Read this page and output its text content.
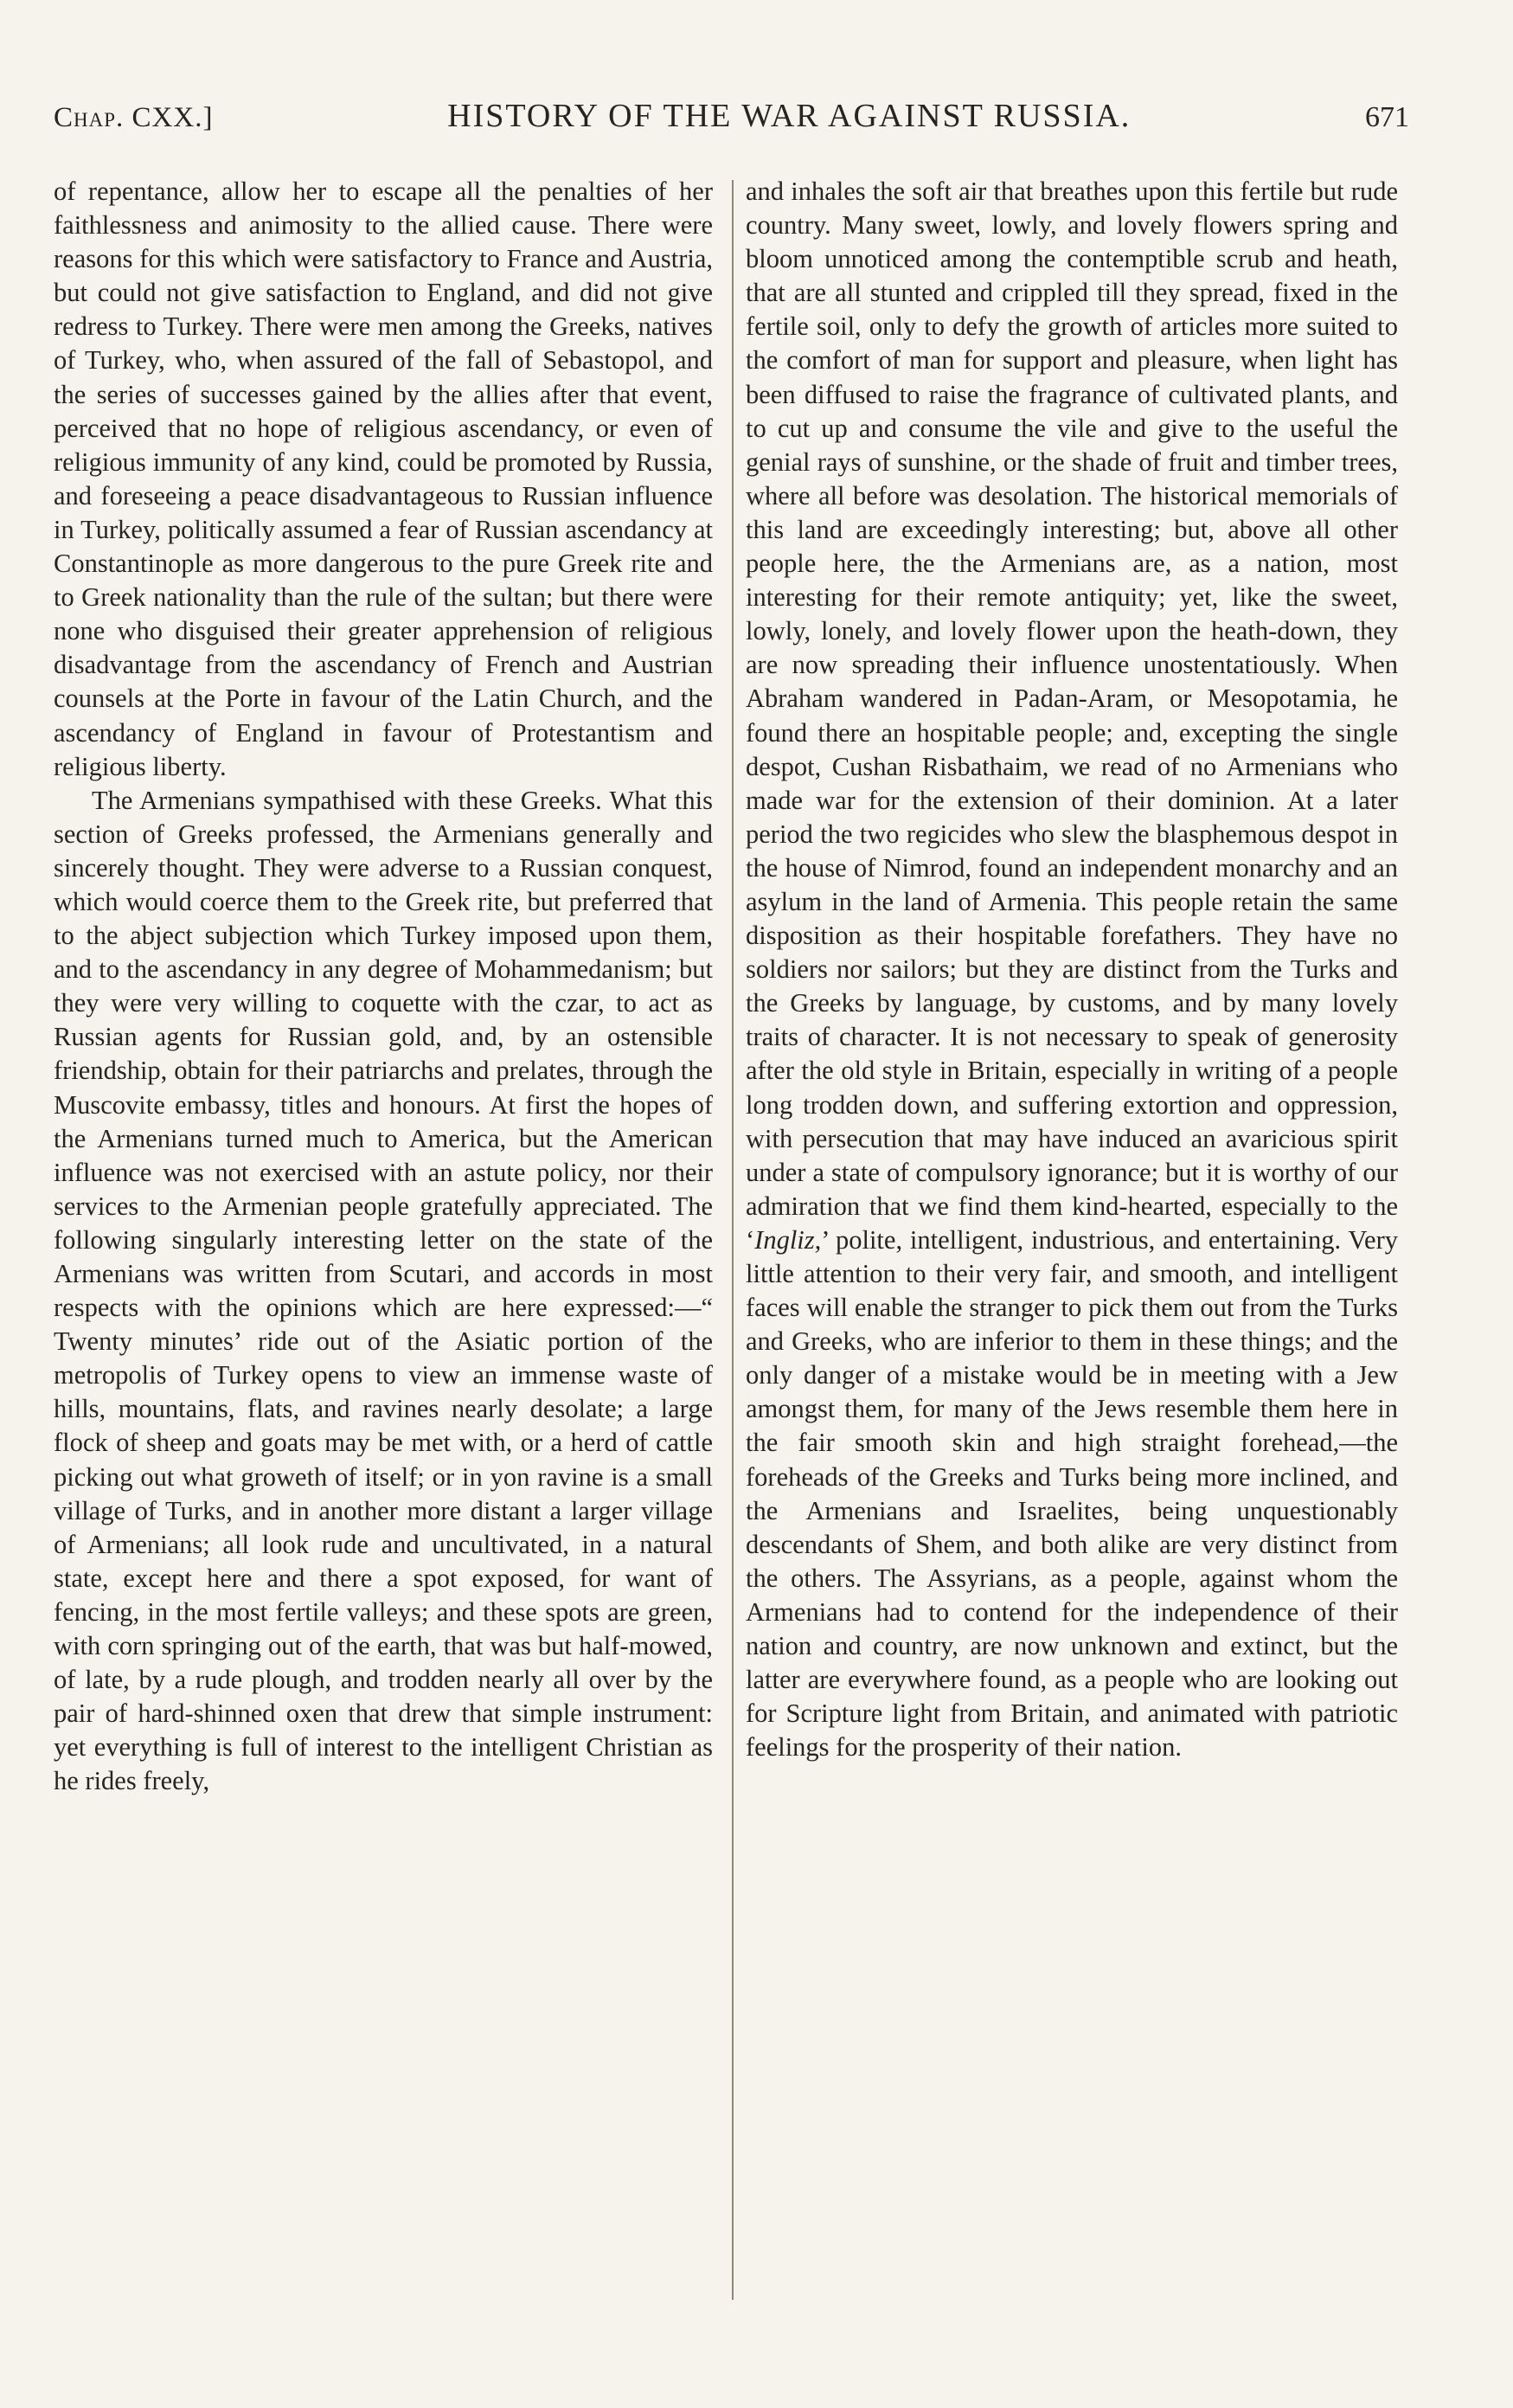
Chap. CXX.]	HISTORY OF THE WAR AGAINST RUSSIA.	671

of repentance, allow her to escape all the penalties of her faithlessness and animosity to the allied cause. There were reasons for this which were satisfactory to France and Austria, but could not give satisfaction to England, and did not give redress to Turkey. There were men among the Greeks, natives of Turkey, who, when assured of the fall of Sebastopol, and the series of successes gained by the allies after that event, perceived that no hope of religious ascendancy, or even of religious immunity of any kind, could be promoted by Russia, and foreseeing a peace disadvantageous to Russian influence in Turkey, politically assumed a fear of Russian ascendancy at Constantinople as more dangerous to the pure Greek rite and to Greek nationality than the rule of the sultan; but there were none who disguised their greater apprehension of religious disadvantage from the ascendancy of French and Austrian counsels at the Porte in favour of the Latin Church, and the ascendancy of England in favour of Protestantism and religious liberty.

The Armenians sympathised with these Greeks. What this section of Greeks professed, the Armenians generally and sincerely thought. They were adverse to a Russian conquest, which would coerce them to the Greek rite, but preferred that to the abject subjection which Turkey imposed upon them, and to the ascendancy in any degree of Mohammedanism; but they were very willing to coquette with the czar, to act as Russian agents for Russian gold, and, by an ostensible friendship, obtain for their patriarchs and prelates, through the Muscovite embassy, titles and honours. At first the hopes of the Armenians turned much to America, but the American influence was not exercised with an astute policy, nor their services to the Armenian people gratefully appreciated. The following singularly interesting letter on the state of the Armenians was written from Scutari, and accords in most respects with the opinions which are here expressed:—“ Twenty minutes’ ride out of the Asiatic portion of the metropolis of Turkey opens to view an immense waste of hills, mountains, flats, and ravines nearly desolate; a large flock of sheep and goats may be met with, or a herd of cattle picking out what groweth of itself; or in yon ravine is a small village of Turks, and in another more distant a larger village of Armenians; all look rude and uncultivated, in a natural state, except here and there a spot exposed, for want of fencing, in the most fertile valleys; and these spots are green, with corn springing out of the earth, that was but half-mowed, of late, by a rude plough, and trodden nearly all over by the pair of hard-shinned oxen that drew that simple instrument: yet everything is full of interest to the intelligent Christian as he rides freely,

and inhales the soft air that breathes upon this fertile but rude country. Many sweet, lowly, and lovely flowers spring and bloom unnoticed among the contemptible scrub and heath, that are all stunted and crippled till they spread, fixed in the fertile soil, only to defy the growth of articles more suited to the comfort of man for support and pleasure, when light has been diffused to raise the fragrance of cultivated plants, and to cut up and consume the vile and give to the useful the genial rays of sunshine, or the shade of fruit and timber trees, where all before was desolation. The historical memorials of this land are exceedingly interesting; but, above all other people here, the the Armenians are, as a nation, most interesting for their remote antiquity; yet, like the sweet, lowly, lonely, and lovely flower upon the heath-down, they are now spreading their influence unostentatiously. When Abraham wandered in Padan-Aram, or Mesopotamia, he found there an hospitable people; and, excepting the single despot, Cushan Risbathaim, we read of no Armenians who made war for the extension of their dominion. At a later period the two regicides who slew the blasphemous despot in the house of Nimrod, found an independent monarchy and an asylum in the land of Armenia. This people retain the same disposition as their hospitable forefathers. They have no soldiers nor sailors; but they are distinct from the Turks and the Greeks by language, by customs, and by many lovely traits of character. It is not necessary to speak of generosity after the old style in Britain, especially in writing of a people long trodden down, and suffering extortion and oppression, with persecution that may have induced an avaricious spirit under a state of compulsory ignorance; but it is worthy of our admiration that we find them kind-hearted, especially to the ‘Ingliz,’ polite, intelligent, industrious, and entertaining. Very little attention to their very fair, and smooth, and intelligent faces will enable the stranger to pick them out from the Turks and Greeks, who are inferior to them in these things; and the only danger of a mistake would be in meeting with a Jew amongst them, for many of the Jews resemble them here in the fair smooth skin and high straight forehead,—the foreheads of the Greeks and Turks being more inclined, and the Armenians and Israelites, being unquestionably descendants of Shem, and both alike are very distinct from the others. The Assyrians, as a people, against whom the Armenians had to contend for the independence of their nation and country, are now unknown and extinct, but the latter are everywhere found, as a people who are looking out for Scripture light from Britain, and animated with patriotic feelings for the prosperity of their nation.
